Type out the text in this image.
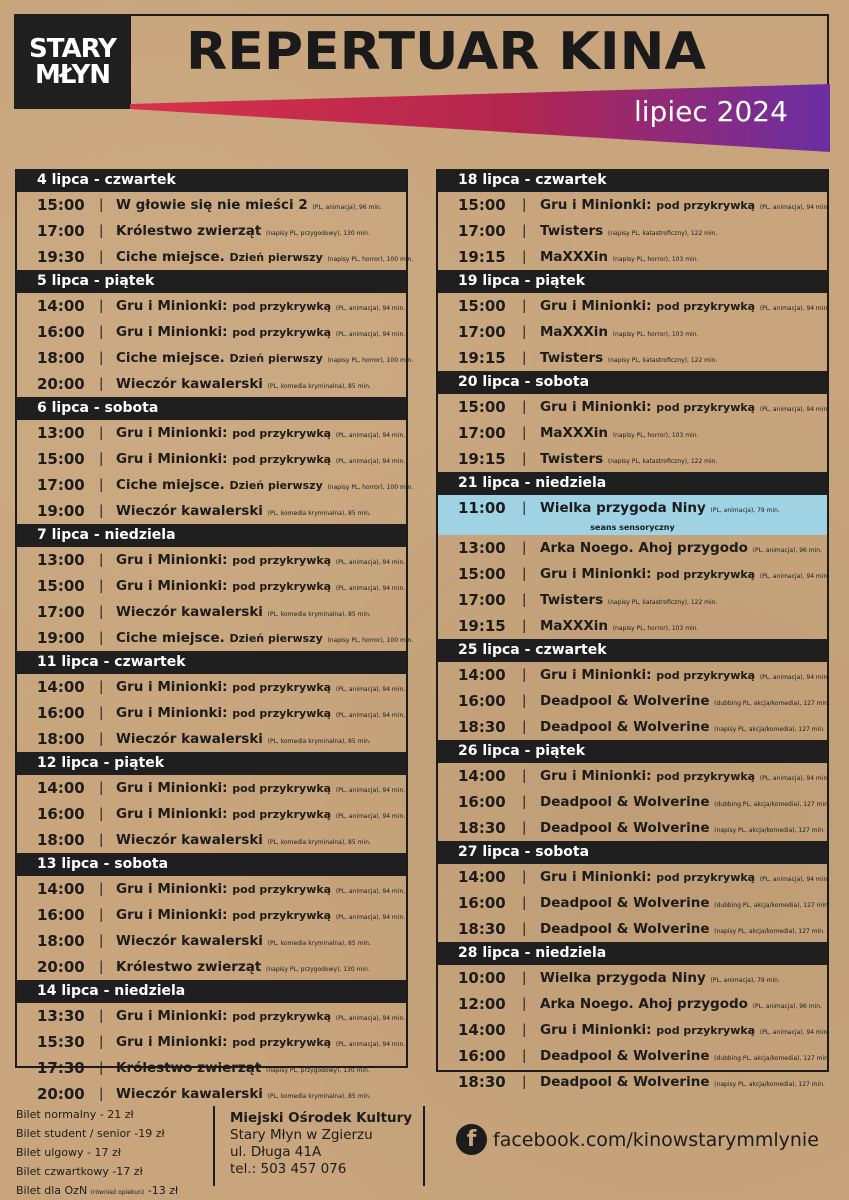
STARY
MŁYN REPERTUAR KINA
lipiec 2024
4 lipca - czwartek
15:00 | W głowie się nie mieści 2 (PL, animacja), 96 min.
17:00 | Królestwo zwierząt (napisy PL, przygodowy), 130 min.
19:30 | Ciche miejsce. Dzień pierwszy (napisy PL, horror), 100 min.
5 lipca - piątek
14:00 | Gru i Minionki: pod przykrywką (PL, animacja), 94 min.
16:00 | Gru i Minionki: pod przykrywką (PL, animacja), 94 min.
18:00 | Ciche miejsce. Dzień pierwszy (napisy PL, horror), 100 min.
20:00 | Wieczór kawalerski (PL, komedia kryminalna), 85 min.
6 lipca - sobota
13:00 | Gru i Minionki: pod przykrywką (PL, animacja), 94 min.
15:00 | Gru i Minionki: pod przykrywką (PL, animacja), 94 min.
17:00 | Ciche miejsce. Dzień pierwszy (napisy PL, horror), 100 min.
19:00 | Wieczór kawalerski (PL, komedia kryminalna), 85 min.
7 lipca - niedziela
13:00 | Gru i Minionki: pod przykrywką (PL, animacja), 94 min.
15:00 | Gru i Minionki: pod przykrywką (PL, animacja), 94 min.
17:00 | Wieczór kawalerski (PL, komedia kryminalna), 85 min.
19:00 | Ciche miejsce. Dzień pierwszy (napisy PL, horror), 100 min.
11 lipca - czwartek
14:00 | Gru i Minionki: pod przykrywką (PL, animacja), 94 min.
16:00 | Gru i Minionki: pod przykrywką (PL, animacja), 94 min.
18:00 | Wieczór kawalerski (PL, komedia kryminalna), 85 min.
12 lipca - piątek
14:00 | Gru i Minionki: pod przykrywką (PL, animacja), 94 min.
16:00 | Gru i Minionki: pod przykrywką (PL, animacja), 94 min.
18:00 | Wieczór kawalerski (PL, komedia kryminalna), 85 min.
13 lipca - sobota
14:00 | Gru i Minionki: pod przykrywką (PL, animacja), 94 min.
16:00 | Gru i Minionki: pod przykrywką (PL, animacja), 94 min.
18:00 | Wieczór kawalerski (PL, komedia kryminalna), 85 min.
20:00 | Królestwo zwierząt (napisy PL, przygodowy), 130 min.
14 lipca - niedziela
13:30 | Gru i Minionki: pod przykrywką (PL, animacja), 94 min.
15:30 | Gru i Minionki: pod przykrywką (PL, animacja), 94 min.
17:30 | Królestwo zwierząt (napisy PL, przygodowy), 130 min.
20:00 | Wieczór kawalerski (PL, komedia kryminalna), 85 min.
18 lipca - czwartek
15:00 | Gru i Minionki: pod przykrywką (PL, animacja), 94 min.
17:00 | Twisters (napisy PL, katastroficzny), 122 min.
19:15 | MaXXXin (napisy PL, horror), 103 min.
19 lipca - piątek
15:00 | Gru i Minionki: pod przykrywką (PL, animacja), 94 min.
17:00 | MaXXXin (napisy PL, horror), 103 min.
19:15 | Twisters (napisy PL, katastroficzny), 122 min.
20 lipca - sobota
15:00 | Gru i Minionki: pod przykrywką (PL, animacja), 94 min.
17:00 | MaXXXin (napisy PL, horror), 103 min.
19:15 | Twisters (napisy PL, katastroficzny), 122 min.
21 lipca - niedziela
11:00 | Wielka przygoda Niny (PL, animacja), 79 min.
seans sensoryczny
13:00 | Arka Noego. Ahoj przygodo (PL, animacja), 96 min.
15:00 | Gru i Minionki: pod przykrywką (PL, animacja), 94 min.
17:00 | Twisters (napisy PL, katastroficzny), 122 min.
19:15 | MaXXXin (napisy PL, horror), 103 min.
25 lipca - czwartek
14:00 | Gru i Minionki: pod przykrywką (PL, animacja), 94 min.
16:00 | Deadpool & Wolverine (dubbing PL, akcja/komedia), 127 min.
18:30 | Deadpool & Wolverine (napisy PL, akcja/komedia), 127 min.
26 lipca - piątek
14:00 | Gru i Minionki: pod przykrywką (PL, animacja), 94 min.
16:00 | Deadpool & Wolverine (dubbing PL, akcja/komedia), 127 min.
18:30 | Deadpool & Wolverine (napisy PL, akcja/komedia), 127 min.
27 lipca - sobota
14:00 | Gru i Minionki: pod przykrywką (PL, animacja), 94 min.
16:00 | Deadpool & Wolverine (dubbing PL, akcja/komedia), 127 min.
18:30 | Deadpool & Wolverine (napisy PL, akcja/komedia), 127 min.
28 lipca - niedziela
10:00 | Wielka przygoda Niny (PL, animacja), 79 min.
12:00 | Arka Noego. Ahoj przygodo (PL, animacja), 96 min.
14:00 | Gru i Minionki: pod przykrywką (PL, animacja), 94 min.
16:00 | Deadpool & Wolverine (dubbing PL, akcja/komedia), 127 min.
18:30 | Deadpool & Wolverine (napisy PL, akcja/komedia), 127 min.
Bilet normalny - 21 zł
Bilet student / senior -19 zł
Bilet ulgowy - 17 zł
Bilet czwartkowy -17 zł
Bilet dla OzN (również opiekun) -13 zł
Miejski Ośrodek Kultury
Stary Młyn w Zgierzu
ul. Długa 41A
tel.: 503 457 076
f facebook.com/kinowstarymmlynie
